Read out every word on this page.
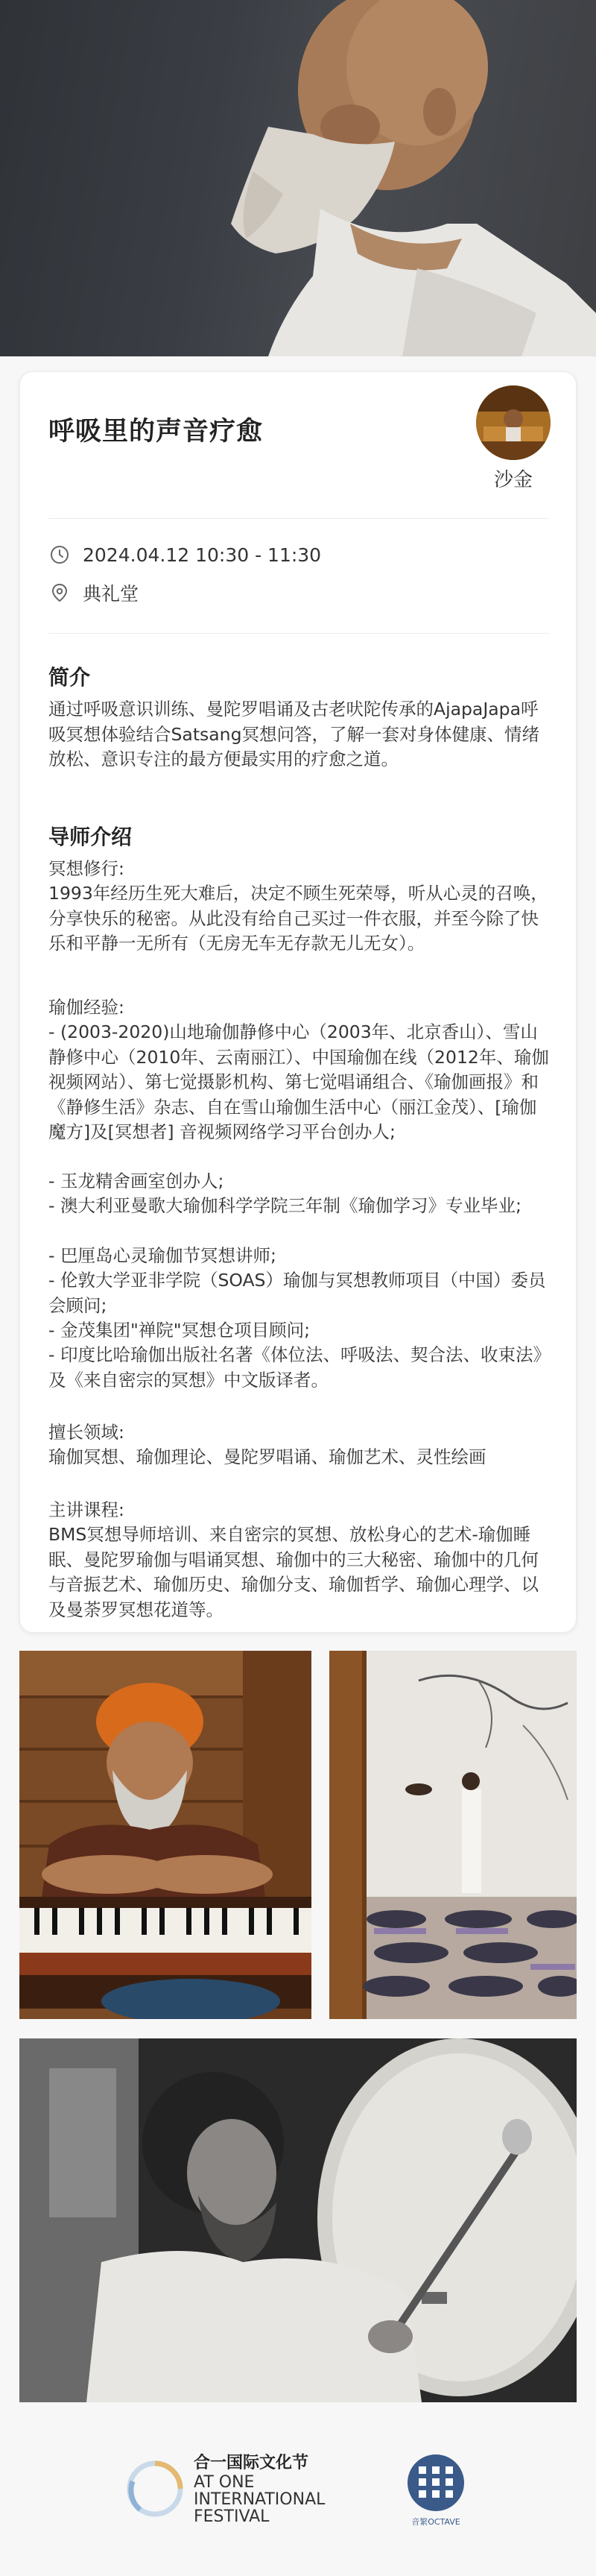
呼吸里的声音疗愈
沙金
2024.04.12 10:30 - 11:30
典礼堂
简介
通过呼吸意识训练、曼陀罗唱诵及古老吠陀传承的AjapaJapa呼吸冥想体验结合Satsang冥想问答，了解一套对身体健康、情绪放松、意识专注的最方便最实用的疗愈之道。
导师介绍
冥想修行:
1993年经历生死大难后，决定不顾生死荣辱，听从心灵的召唤，分享快乐的秘密。从此没有给自己买过一件衣服，并至今除了快乐和平静一无所有（无房无车无存款无儿无女）。
瑜伽经验:
- (2003-2020)山地瑜伽静修中心（2003年、北京香山）、雪山静修中心（2010年、云南丽江）、中国瑜伽在线（2012年、瑜伽视频网站）、第七觉摄影机构、第七觉唱诵组合、《瑜伽画报》和《静修生活》杂志、自在雪山瑜伽生活中心（丽江金茂）、[瑜伽魔方]及[冥想者] 音视频网络学习平台创办人;
- 玉龙精舍画室创办人;
- 澳大利亚曼歌大瑜伽科学学院三年制《瑜伽学习》专业毕业;
- 巴厘岛心灵瑜伽节冥想讲师;
- 伦敦大学亚非学院（SOAS）瑜伽与冥想教师项目（中国）委员会顾问;
- 金茂集团"禅院"冥想仓项目顾问;
- 印度比哈瑜伽出版社名著《体位法、呼吸法、契合法、收束法》及《来自密宗的冥想》中文版译者。
擅长领域:
瑜伽冥想、瑜伽理论、曼陀罗唱诵、瑜伽艺术、灵性绘画
主讲课程:
BMS冥想导师培训、来自密宗的冥想、放松身心的艺术-瑜伽睡眠、曼陀罗瑜伽与唱诵冥想、瑜伽中的三大秘密、瑜伽中的几何与音振艺术、瑜伽历史、瑜伽分支、瑜伽哲学、瑜伽心理学、以及曼荼罗冥想花道等。
合一国际文化节
AT ONE
INTERNATIONAL
FESTIVAL	音繁OCTAVE
